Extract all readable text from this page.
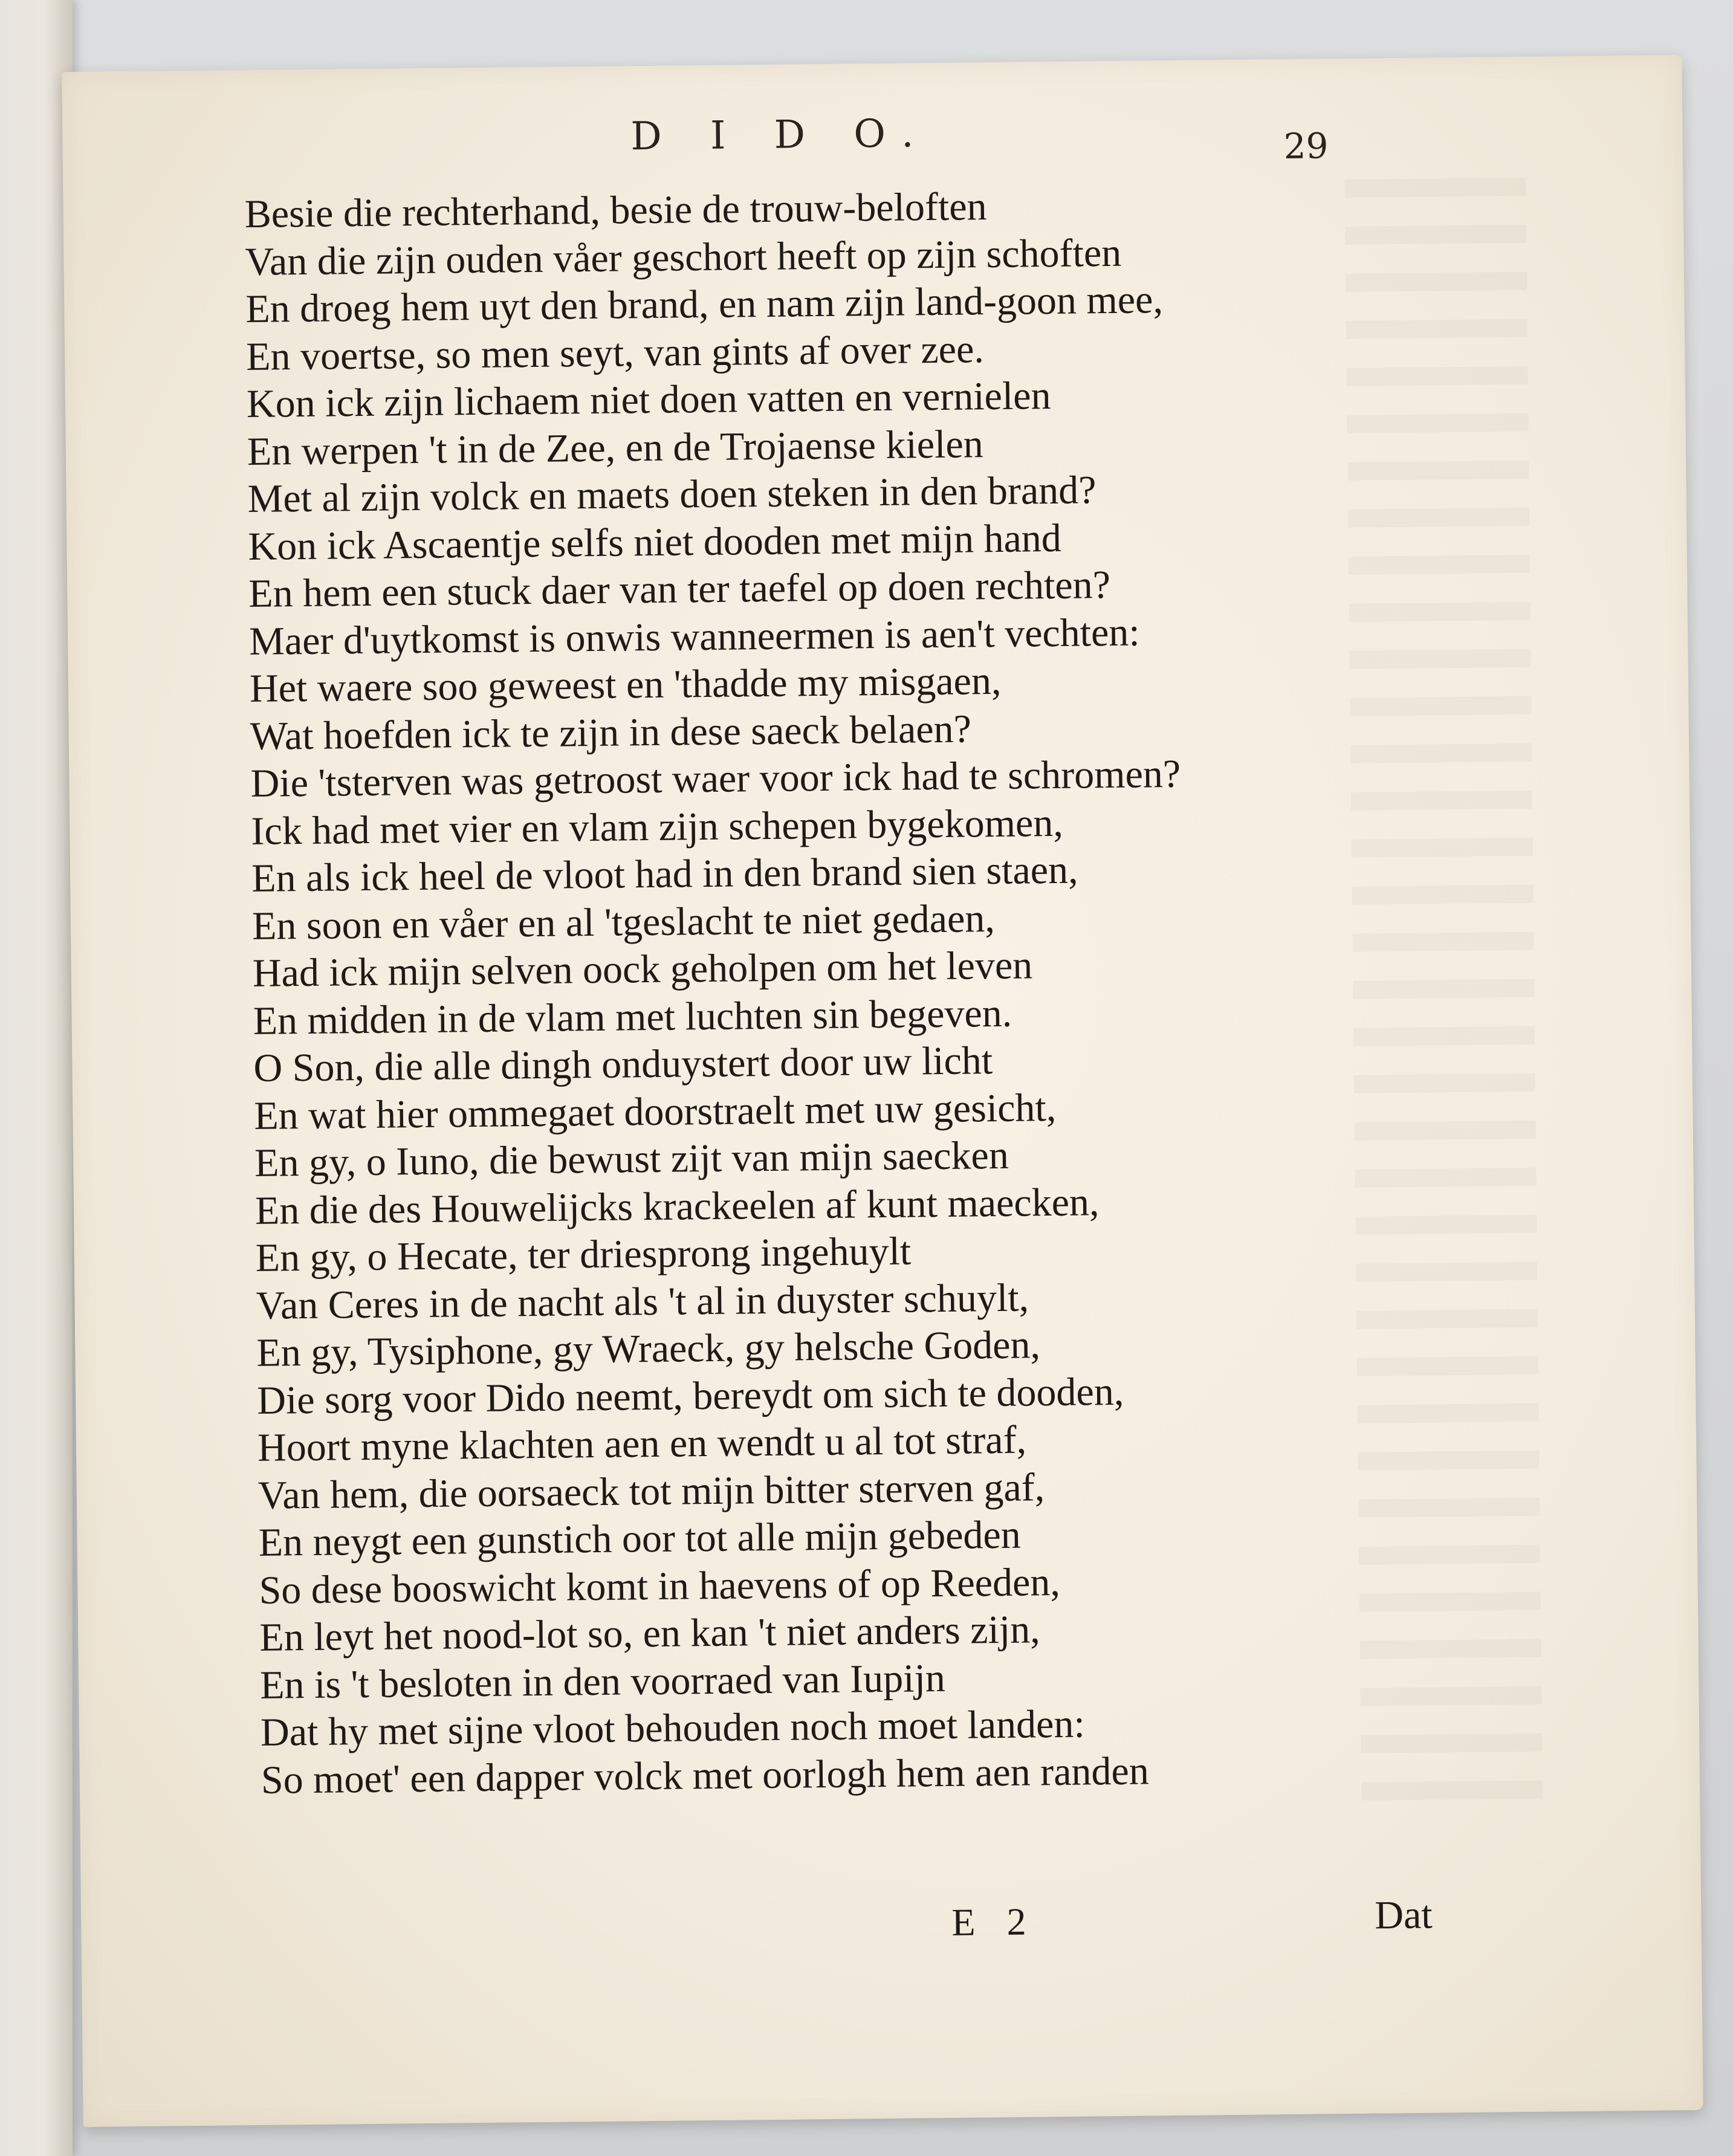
D I D O.	29
Besie die rechterhand, besie de trouw-beloften
Van die zijn ouden våer geschort heeft op zijn schoften
En droeg hem uyt den brand, en nam zijn land-goon mee,
En voertse, so men seyt, van gints af over zee.
Kon ick zijn lichaem niet doen vatten en vernielen
En werpen 't in de Zee, en de Trojaense kielen
Met al zijn volck en maets doen steken in den brand?
Kon ick Ascaentje selfs niet dooden met mijn hand
En hem een stuck daer van ter taefel op doen rechten?
Maer d'uytkomst is onwis wanneermen is aen't vechten:
Het waere soo geweest en 'thadde my misgaen,
Wat hoefden ick te zijn in dese saeck belaen?
Die 'tsterven was getroost waer voor ick had te schromen?
Ick had met vier en vlam zijn schepen bygekomen,
En als ick heel de vloot had in den brand sien staen,
En soon en våer en al 'tgeslacht te niet gedaen,
Had ick mijn selven oock geholpen om het leven
En midden in de vlam met luchten sin begeven.
O Son, die alle dingh onduystert door uw licht
En wat hier ommegaet doorstraelt met uw gesicht,
En gy, o Iuno, die bewust zijt van mijn saecken
En die des Houwelijcks krackeelen af kunt maecken,
En gy, o Hecate, ter driesprong ingehuylt
Van Ceres in de nacht als 't al in duyster schuylt,
En gy, Tysiphone, gy Wraeck, gy helsche Goden,
Die sorg voor Dido neemt, bereydt om sich te dooden,
Hoort myne klachten aen en wendt u al tot straf,
Van hem, die oorsaeck tot mijn bitter sterven gaf,
En neygt een gunstich oor tot alle mijn gebeden
So dese booswicht komt in haevens of op Reeden,
En leyt het nood-lot so, en kan 't niet anders zijn,
En is 't besloten in den voorraed van Iupijn
Dat hy met sijne vloot behouden noch moet landen:
So moet' een dapper volck met oorlogh hem aen randen
E 2	Dat
